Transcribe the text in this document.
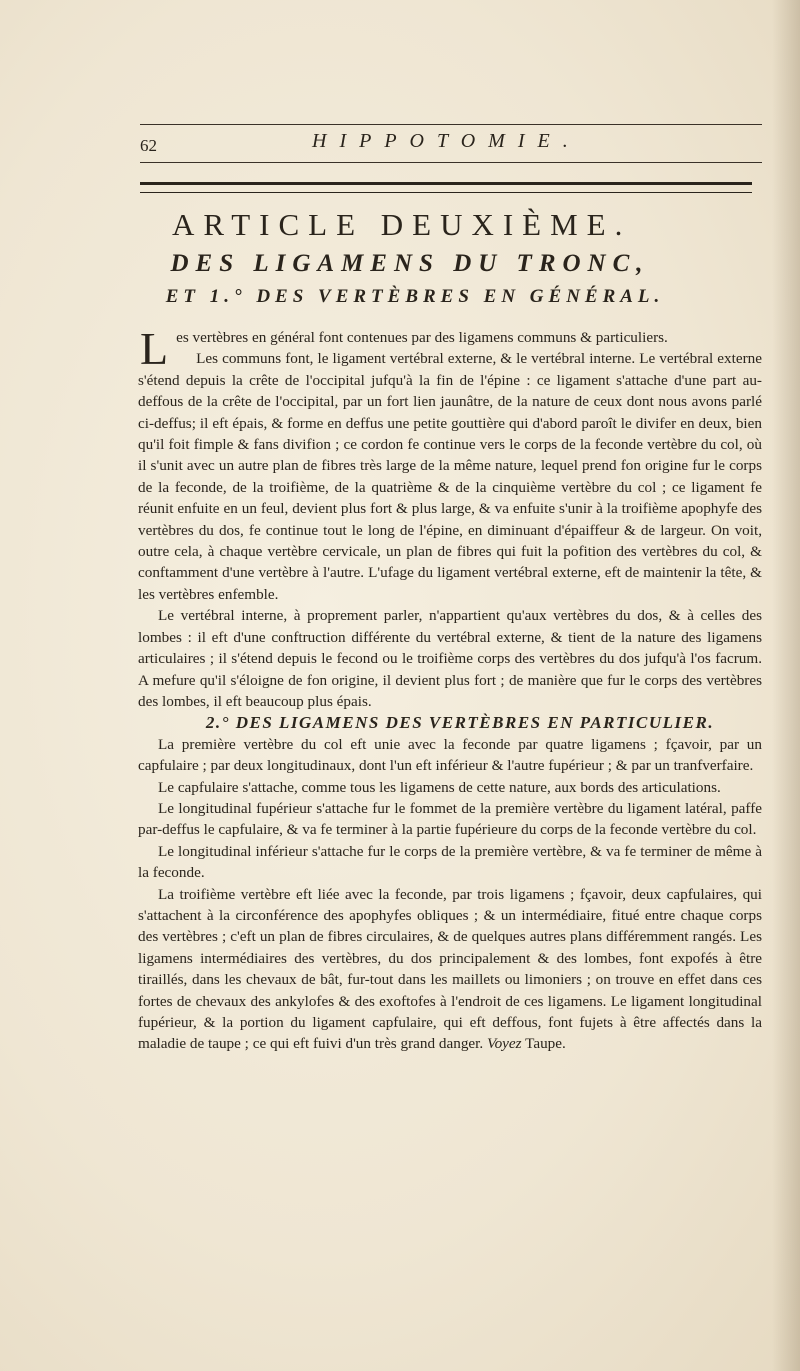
62	HIPPOTOMIE.
ARTICLE DEUXIÈME.
DES LIGAMENS DU TRONC,
ET 1.° DES VERTÈBRES EN GÉNÉRAL.

Les vertèbres en général font contenues par des ligamens communs & particuliers.

Les communs font, le ligament vertébral externe, & le vertébral interne. Le vertébral externe s'étend depuis la crête de l'occipital jufqu'à la fin de l'épine : ce ligament s'attache d'une part au-deffous de la crête de l'occipital, par un fort lien jaunâtre, de la nature de ceux dont nous avons parlé ci-deffus; il eft épais, & forme en deffus une petite gouttière qui d'abord paroît le divifer en deux, bien qu'il foit fimple & fans divifion ; ce cordon fe continue vers le corps de la feconde vertèbre du col, où il s'unit avec un autre plan de fibres très large de la même nature, lequel prend fon origine fur le corps de la feconde, de la troifième, de la quatrième & de la cinquième vertèbre du col ; ce ligament fe réunit enfuite en un feul, devient plus fort & plus large, & va enfuite s'unir à la troifième apophyfe des vertèbres du dos, fe continue tout le long de l'épine, en diminuant d'épaiffeur & de largeur. On voit, outre cela, à chaque vertèbre cervicale, un plan de fibres qui fuit la pofition des vertèbres du col, & conftamment d'une vertèbre à l'autre. L'ufage du ligament vertébral externe, eft de maintenir la tête, & les vertèbres enfemble.

Le vertébral interne, à proprement parler, n'appartient qu'aux vertèbres du dos, & à celles des lombes : il eft d'une conftruction différente du vertébral externe, & tient de la nature des ligamens articulaires ; il s'étend depuis le fecond ou le troifième corps des vertèbres du dos jufqu'à l'os facrum. A mefure qu'il s'éloigne de fon origine, il devient plus fort ; de manière que fur le corps des vertèbres des lombes, il eft beaucoup plus épais.

2.° DES LIGAMENS DES VERTÈBRES EN PARTICULIER.

La première vertèbre du col eft unie avec la feconde par quatre ligamens ; fçavoir, par un capfulaire ; par deux longitudinaux, dont l'un eft inférieur & l'autre fupérieur ; & par un tranfverfaire.

Le capfulaire s'attache, comme tous les ligamens de cette nature, aux bords des articulations.

Le longitudinal fupérieur s'attache fur le fommet de la première vertèbre du ligament latéral, paffe par-deffus le capfulaire, & va fe terminer à la partie fupérieure du corps de la feconde vertèbre du col.

Le longitudinal inférieur s'attache fur le corps de la première vertèbre, & va fe terminer de même à la feconde.

La troifième vertèbre eft liée avec la feconde, par trois ligamens ; fçavoir, deux capfulaires, qui s'attachent à la circonférence des apophyfes obliques ; & un intermédiaire, fitué entre chaque corps des vertèbres ; c'eft un plan de fibres circulaires, & de quelques autres plans différemment rangés. Les ligamens intermédiaires des vertèbres, du dos principalement & des lombes, font expofés à être tiraillés, dans les chevaux de bât, fur-tout dans les maillets ou limoniers ; on trouve en effet dans ces fortes de chevaux des ankylofes & des exoftofes à l'endroit de ces ligamens. Le ligament longitudinal fupérieur, & la portion du ligament capfulaire, qui eft deffous, font fujets à être affectés dans la maladie de taupe ; ce qui eft fuivi d'un très grand danger. Voyez Taupe.
